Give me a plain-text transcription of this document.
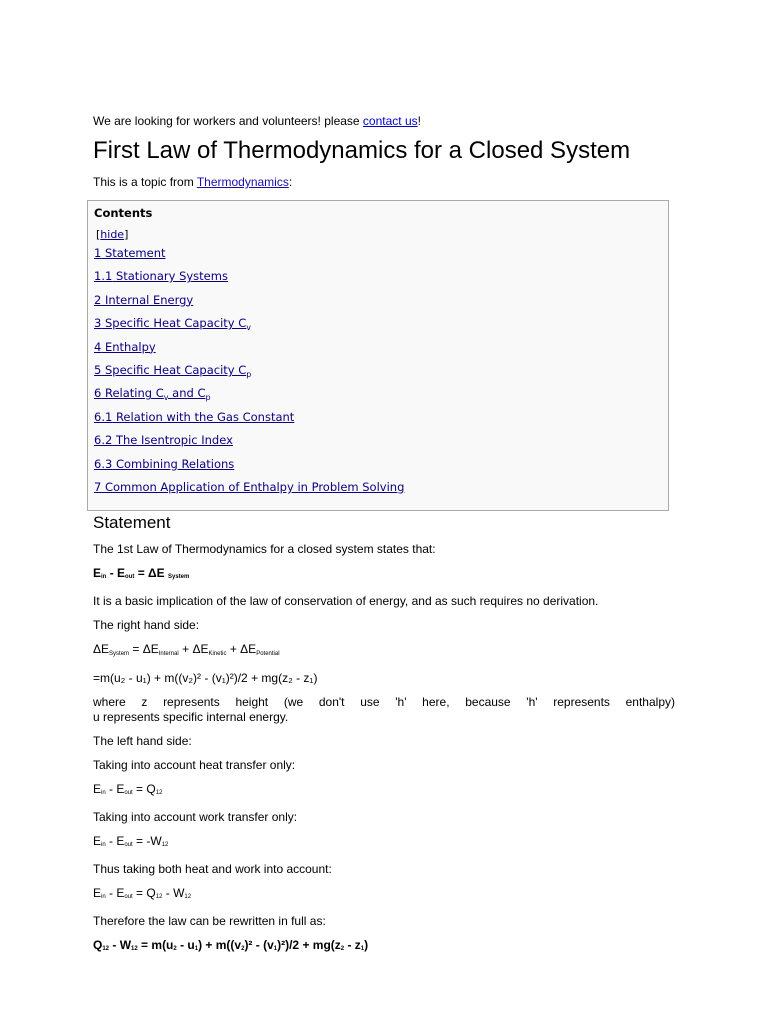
We are looking for workers and volunteers! please contact us!

First Law of Thermodynamics for a Closed System

This is a topic from Thermodynamics:

Contents
[hide]
1 Statement
1.1 Stationary Systems
2 Internal Energy
3 Specific Heat Capacity $C_v$
4 Enthalpy
5 Specific Heat Capacity $C_p$
6 Relating $C_v$ and $C_p$
6.1 Relation with the Gas Constant
6.2 The Isentropic Index
6.3 Combining Relations
7 Common Application of Enthalpy in Problem Solving
Statement

The 1st Law of Thermodynamics for a closed system states that:

Ein - Eout = ΔE System

It is a basic implication of the law of conservation of energy, and as such requires no derivation.

The right hand side:

ΔESystem = ΔEInternal + ΔEKinetic + ΔEPotential

=m(u₂ - u₁) + m((v₂)² - (v₁)²)/2 + mg(z₂ - z₁)

where z represents height (we don't use 'h' here, because 'h' represents enthalpy)
u represents specific internal energy.

The left hand side:

Taking into account heat transfer only:

Ein - Eout = Q12

Taking into account work transfer only:

Ein - Eout = -W12

Thus taking both heat and work into account:

Ein - Eout = Q12 - W12

Therefore the law can be rewritten in full as:

Q12 - W12 = m(u2 - u1) + m((v2)² - (v1)²)/2 + mg(z2 - z1)
